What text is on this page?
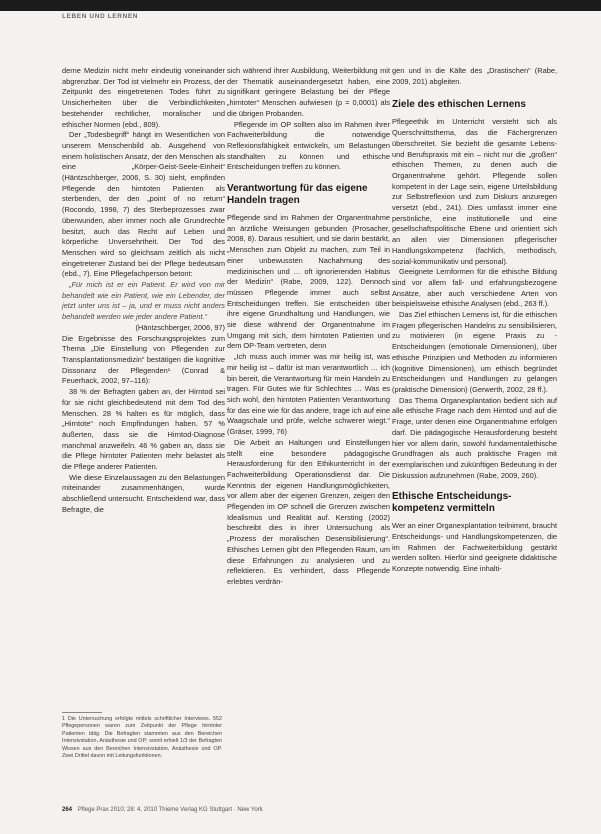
LEBEN UND LERNEN

derne Medizin nicht mehr eindeutig voneinander abgrenzbar. Der Tod ist vielmehr ein Prozess, der Zeitpunkt des eingetretenen Todes führt zu Unsicherheiten über die Verbindlichkeiten bestehender rechtlicher, moralischer und ethischer Normen (ebd., 809).

Der „Todesbegriff“ hängt im Wesentlichen von unserem Menschenbild ab. Ausgehend von einem holistischen Ansatz, der den Menschen als eine „Körper-Geist-Seele-Einheit“ (Häntzschberger, 2006, S. 30) sieht, empfinden Pflegende den hirntoten Patienten als sterbenden, der den „point of no return“ (Rocondo, 1998, 7) des Sterbeprozesses zwar überwunden, aber immer noch alle Grundrechte besitzt, auch das Recht auf Leben und körperliche Unversehrtheit. Der Tod des Menschen wird so gleichsam zeitlich als nicht eingetretener Zustand bei der Pflege bedeutsam (ebd., 7). Eine Pflegefachperson betont:

„Für mich ist er ein Patient. Er wird von mir behandelt wie ein Patient, wie ein Lebender, der jetzt unter uns ist – ja, und er muss nicht anders behandelt werden wie jeder andere Patient.“

(Häntzschberger, 2006, 97)

Die Ergebnisse des Forschungsprojektes zum Thema „Die Einstellung von Pflegenden zur Transplantationsmedizin“ bestätigen die kognitive Dissonanz der Pflegenden¹ (Conrad & Feuerhack, 2002, 97–116):

38 % der Befragten gaben an, der Hirntod sei für sie nicht gleichbedeutend mit dem Tod des Menschen. 28 % halten es für möglich, dass „Hirntote“ noch Empfindungen haben. 57 % äußerten, dass sie die Hirntod-Diagnose manchmal anzweifeln. 46 % gaben an, dass sie die Pflege hirntoter Patienten mehr belastet als die Pflege anderer Patienten.

Wie diese Einzelaussagen zu den Belastungen miteinander zusammenhängen, wurde abschließend untersucht. Entscheidend war, dass Befragte, die

1 Die Untersuchung erfolgte mittels schriftlicher Interviews. 552 Pflegepersonen waren zum Zeitpunkt der Pflege hirntoter Patienten tätig. Die Befragten stammten aus den Bereichen Intensivstation, Anästhesie und OP; somit erhielt 1/3 der Befragten Wissen aus den Bereichen Intensivstation, Anästhesie und OP. Zwei Drittel davon mit Leitungsfunktionen.

sich während ihrer Ausbildung, Weiterbildung mit der Thematik auseinandergesetzt haben, eine signifikant geringere Belastung bei der Pflege „hirntoter“ Menschen aufwiesen (p = 0,0001) als die übrigen Probanden.

Pflegende im OP sollten also im Rahmen ihrer Fachweiterbildung die notwendige Reflexionsfähigkeit entwickeln, um Belastungen standhalten zu können und ethische Entscheidungen treffen zu können.

Verantwortung für das eigene Handeln tragen

Pflegende sind im Rahmen der Organentnahme an ärztliche Weisungen gebunden (Prosacher, 2008, 8). Daraus resultiert, und sie darin bestärkt, „Menschen zum Objekt zu machen, zum Teil in einer unbewussten Nachahmung des medizinischen und … oft ignorierenden Habitus der Medizin“ (Rabe, 2009, 122). Dennoch müssen Pflegende immer auch selbst Entscheidungen treffen. Sie entscheiden über ihre eigene Grundhaltung und Handlungen, wie sie diese während der Organentnahme im Umgang mit sich, dem hirntoten Patienten und dem OP-Team vertreten, denn

„Ich muss auch immer was mir heilig ist, was mir heilig ist – dafür ist man verantwortlich … ich bin bereit, die Verantwortung für mein Handeln zu tragen. Für Gutes wie für Schlechtes … Was es sich wohl, den hirntoten Patienten Verantwortung für das eine wie für das andere, trage ich auf eine Waagschale und prüfe, welche schwerer wiegt.“ (Gräser, 1999, 76)

Die Arbeit an Haltungen und Einstellungen stellt eine besondere pädagogische Herausforderung für den Ethikunterricht in der Fachweiterbildung Operationsdienst dar. Die Kenntnis der eigenen Handlungsmöglichkeiten, vor allem aber der eigenen Grenzen, zeigen den Pflegenden im OP schnell die Grenzen zwischen Idealismus und Realität auf. Kersting (2002) beschreibt dies in ihrer Untersuchung als „Prozess der moralischen Desensibilisierung“. Ethisches Lernen gibt den Pflegenden Raum, um diese Erfahrungen zu analysieren und zu reflektieren. Es verhindert, dass Pflegende erlebtes verdrän-

gen und in die Kälte des „Drastischen“ (Rabe, 2009, 201) abgleiten.

Ziele des ethischen Lernens

Pflegeethik im Unterricht versteht sich als Querschnittsthema, das die Fächergrenzen überschreitet. Sie bezieht die gesamte Lebens- und Berufspraxis mit ein – nicht nur die „großen“ ethischen Themen, zu denen auch die Organentnahme gehört. Pflegende sollen kompetent in der Lage sein, eigene Urteilsbildung zur Selbstreflexion und zum Diskurs anzuregen versetzt (ebd., 241). Dies umfasst immer eine persönliche, eine institutionelle und eine gesellschaftspolitische Ebene und orientiert sich an allen vier Dimensionen pflegerischer Handlungskompetenz (fachlich, methodisch, sozial-kommunikativ und personal).

Geeignete Lernformen für die ethische Bildung sind vor allem fall- und erfahrungsbezogene Ansätze, aber auch verschiedene Arten von beispielsweise ethische Analysen (ebd., 263 ff.).

Das Ziel ethischen Lernens ist, für die ethischen Fragen pflegerischen Handelns zu sensibilisieren, zu motivieren (in eigene Praxis zu Entscheidungen (emotionale Dimensionen), über ethische Prinzipien und Methoden zu informieren (kognitive Dimensionen), um ethisch begründet Entscheidungen und Handlungen zu gelangen (praktische Dimension) (Gerwerth, 2002, 28 ff.).

Das Thema Organexplantation bedient sich auf alle ethische Frage nach dem Hirntod und auf die Frage, unter denen eine Organentnahme erfolgen darf. Die pädagogische Herausforderung besteht hier vor allem darin, sowohl fundamentalethische Grundfragen als auch praktische Fragen mit exemplarischen und zukünftigen Bedeutung in der Diskussion aufzunehmen (Rabe, 2009, 260).

Ethische Entscheidungskompetenz vermitteln

Wer an einer Organexplantation teilnimmt, braucht Entscheidungs- und Handlungskompetenzen, die im Rahmen der Fachweiterbildung gestärkt werden sollten. Hierfür sind geeignete didaktische Konzepte notwendig. Eine inhalti-

264 Pflege Prax 2010; 28: 4, 2010 Thieme Verlag KG Stuttgart · New York
